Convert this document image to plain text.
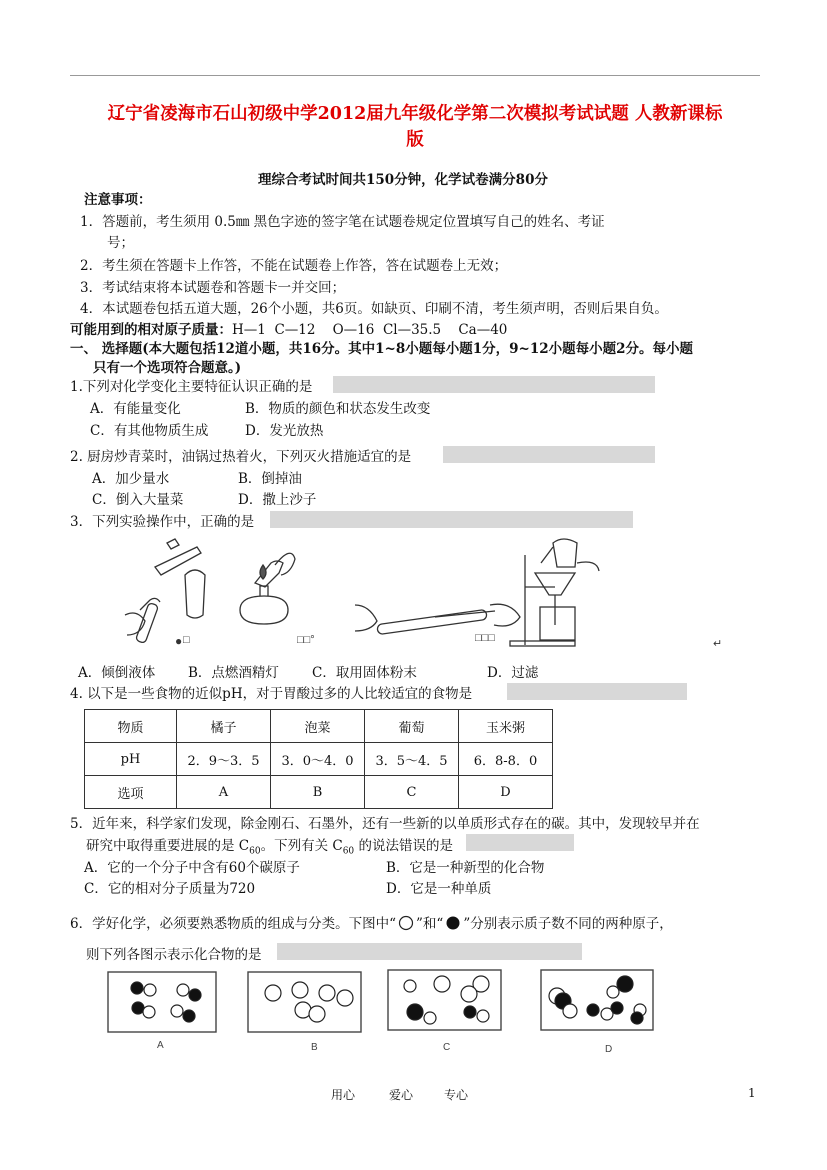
辽宁省凌海市石山初级中学2012届九年级化学第二次模拟考试试题 人教新课标
版
理综合考试时间共150分钟，化学试卷满分80分
注意事项：
1．答题前，考生须用 0.5㎜ 黑色字迹的签字笔在试题卷规定位置填写自己的姓名、考证
号；
2．考生须在答题卡上作答，不能在试题卷上作答，答在试题卷上无效；
3．考试结束将本试题卷和答题卡一并交回；
4．本试题卷包括五道大题，26个小题，共6页。如缺页、印刷不清，考生须声明，否则后果自负。
可能用到的相对原子质量：H—1  C—12    O—16  Cl—35.5    Ca—40
一、 选择题(本大题包括12道小题，共16分。其中1~8小题每小题1分，9~12小题每小题2分。每小题
只有一个选项符合题意。)
1.下列对化学变化主要特征认识正确的是
A．有能量变化	B．物质的颜色和状态发生改变
C．有其他物质生成	D．发光放热
2. 厨房炒青菜时，油锅过热着火，下列灭火措施适宜的是
A．加少量水	B．倒掉油
C．倒入大量菜	D．撒上沙子
3．下列实验操作中，正确的是
□
●	□□°	□□□	↵
A．倾倒液体 B．点燃酒精灯 C．取用固体粉末	D．过滤
4. 以下是一些食物的近似pH，对于胃酸过多的人比较适宜的食物是
物质	橘子	泡菜	葡萄	玉米粥
pH	2．9～3．5	3．0～4．0	3．5～4．5	6．8-8．0
选项	A	B	C	D
5．近年来，科学家们发现，除金刚石、石墨外，还有一些新的以单质形式存在的碳。其中，发现较早并在
研究中取得重要进展的是 $C_{60}$。下列有关 $C_{60}$ 的说法错误的是
A．它的一个分子中含有60个碳原子	B．它是一种新型的化合物
C．它的相对分子质量为720	D．它是一种单质
6．学好化学，必须要熟悉物质的组成与分类。下图中“ ”和“ ”分别表示质子数不同的两种原子，
则下列各图示表示化合物的是
A	B	C	D
用心	爱心	专心	1
